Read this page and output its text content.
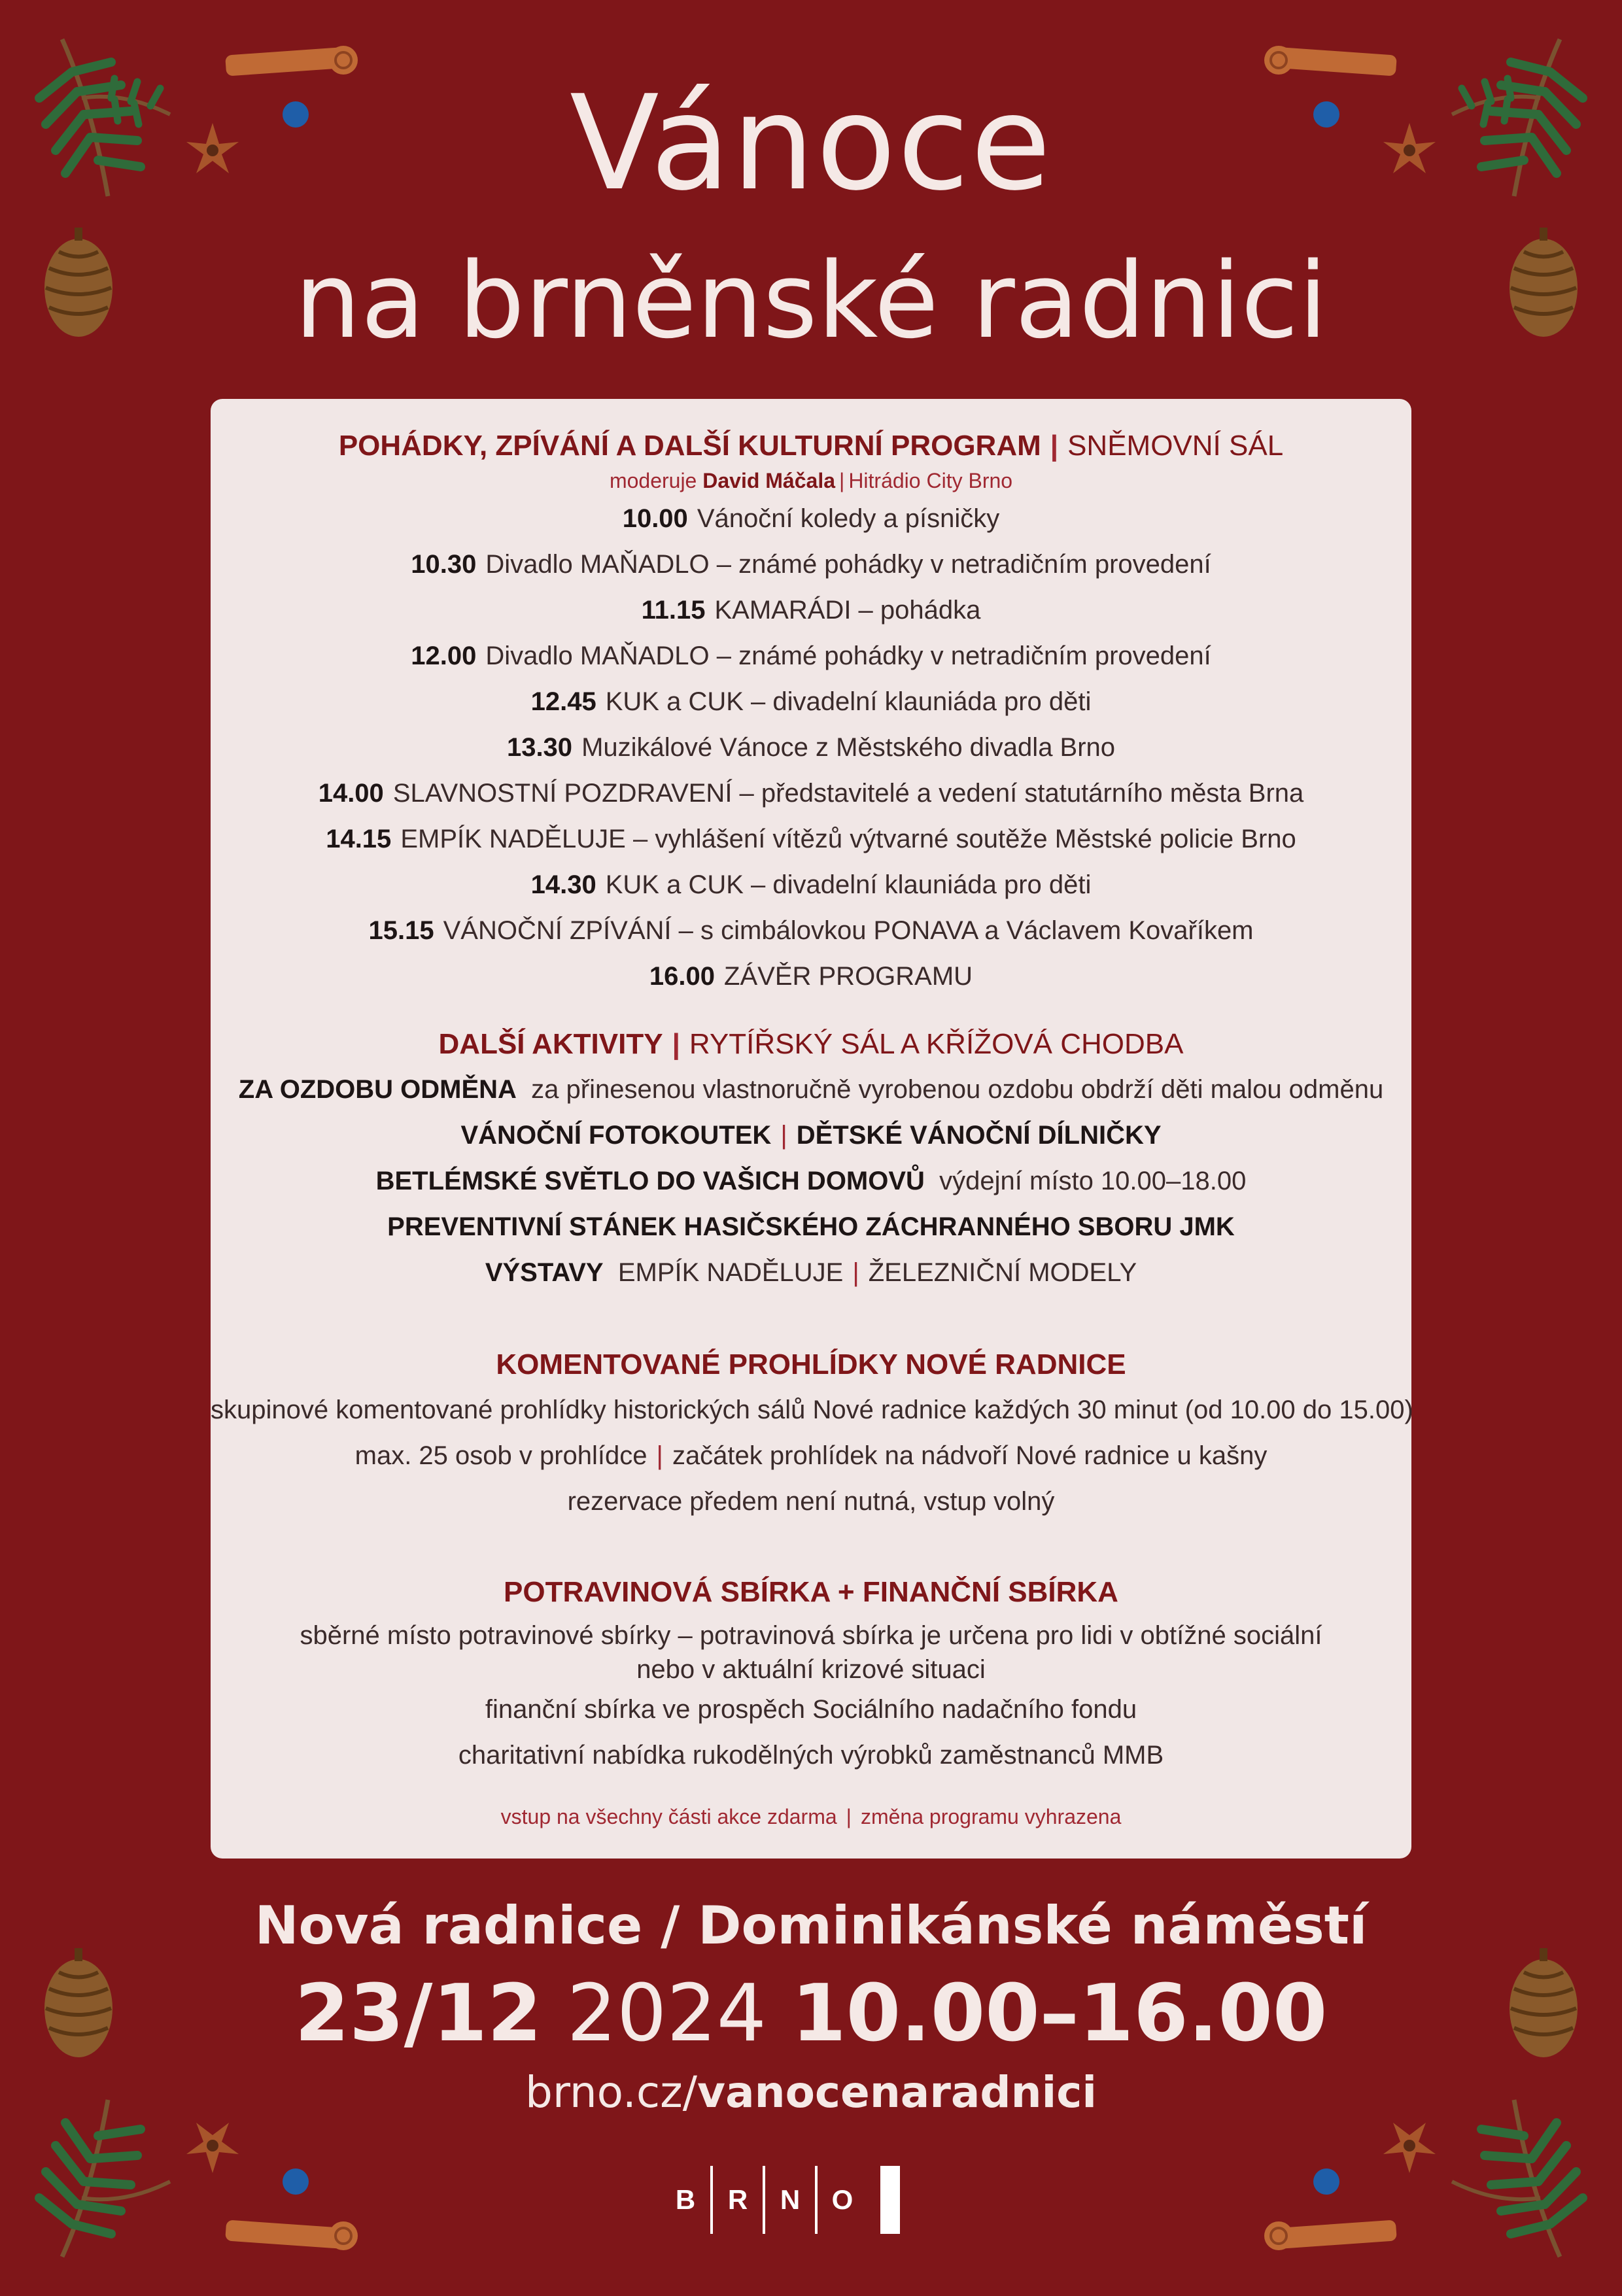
Vánoce
na brněnské radnici
POHÁDKY, ZPÍVÁNÍ A DALŠÍ KULTURNÍ PROGRAM | SNĚMOVNÍ SÁL
moderuje David Máčala | Hitrádio City Brno
10.00 Vánoční koledy a písničky
10.30 Divadlo MAŇADLO – známé pohádky v netradičním provedení
11.15 KAMARÁDI – pohádka
12.00 Divadlo MAŇADLO – známé pohádky v netradičním provedení
12.45 KUK a CUK – divadelní klauniáda pro děti
13.30 Muzikálové Vánoce z Městského divadla Brno
14.00 SLAVNOSTNÍ POZDRAVENÍ – představitelé a vedení statutárního města Brna
14.15 EMPÍK NADĚLUJE – vyhlášení vítězů výtvarné soutěže Městské policie Brno
14.30 KUK a CUK – divadelní klauniáda pro děti
15.15 VÁNOČNÍ ZPÍVÁNÍ – s cimbálovkou PONAVA a Václavem Kovaříkem
16.00 ZÁVĚR PROGRAMU
DALŠÍ AKTIVITY | RYTÍŘSKÝ SÁL A KŘÍŽOVÁ CHODBA
ZA OZDOBU ODMĚNA za přinesenou vlastnoručně vyrobenou ozdobu obdrží děti malou odměnu
VÁNOČNÍ FOTOKOUTEK | DĚTSKÉ VÁNOČNÍ DÍLNIČKY
BETLÉMSKÉ SVĚTLO DO VAŠICH DOMOVŮ výdejní místo 10.00–18.00
PREVENTIVNÍ STÁNEK HASIČSKÉHO ZÁCHRANNÉHO SBORU JMK
VÝSTAVY EMPÍK NADĚLUJE | ŽELEZNIČNÍ MODELY
KOMENTOVANÉ PROHLÍDKY NOVÉ RADNICE
skupinové komentované prohlídky historických sálů Nové radnice každých 30 minut (od 10.00 do 15.00)
max. 25 osob v prohlídce | začátek prohlídek na nádvoří Nové radnice u kašny
rezervace předem není nutná, vstup volný
POTRAVINOVÁ SBÍRKA + FINANČNÍ SBÍRKA
sběrné místo potravinové sbírky – potravinová sbírka je určena pro lidi v obtížné sociální
nebo v aktuální krizové situaci
finanční sbírka ve prospěch Sociálního nadačního fondu
charitativní nabídka rukodělných výrobků zaměstnanců MMB
vstup na všechny části akce zdarma | změna programu vyhrazena
Nová radnice / Dominikánské náměstí
23/12 2024 10.00–16.00
brno.cz/vanocenaradnici
B	R	N	O
